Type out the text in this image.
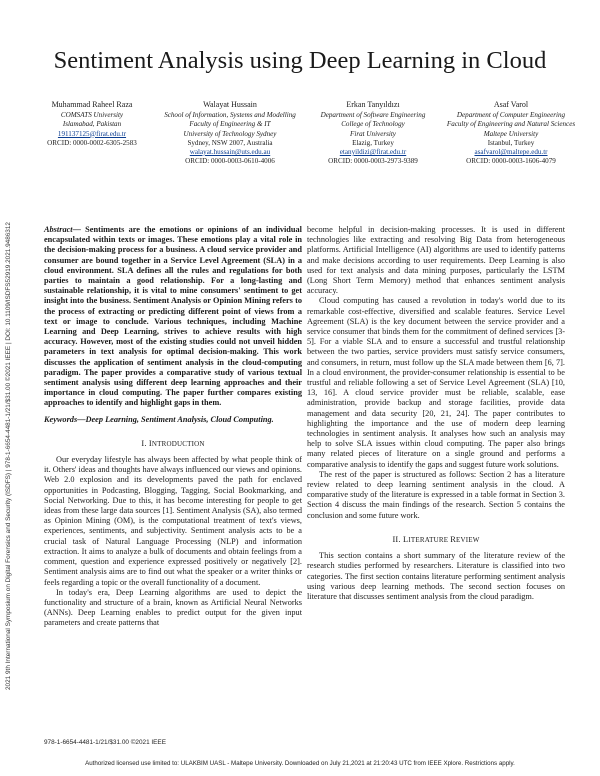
2021 9th International Symposium on Digital Forensics and Security (ISDFS) | 978-1-6654-4481-1/21/$31.00 ©2021 IEEE | DOI: 10.1109/ISDFS52919.2021.9486312
Sentiment Analysis using Deep Learning in Cloud
Muhammad Raheel Raza
COMSATS University
Islamabad, Pakistan
191137125@firat.edu.tr
ORCID: 0000-0002-6305-2583
Walayat Hussain
School of Information, Systems and Modelling
Faculty of Engineering & IT
University of Technology Sydney
Sydney, NSW 2007, Australia
walayat.hussain@uts.edu.au
ORCID: 0000-0003-0610-4006
Erkan Tanyıldızı
Department of Software Engineering
College of Technology
Firat University
Elazig, Turkey
etanyildizi@firat.edu.tr
ORCID: 0000-0003-2973-9389
Asaf Varol
Department of Computer Engineering
Faculty of Engineering and Natural Sciences
Maltepe University
Istanbul, Turkey
asafvarol@maltepe.edu.tr
ORCID: 0000-0003-1606-4079

Abstract— Sentiments are the emotions or opinions of an individual encapsulated within texts or images. These emotions play a vital role in the decision-making process for a business. A cloud service provider and consumer are bound together in a Service Level Agreement (SLA) in a cloud environment. SLA defines all the rules and regulations for both parties to maintain a good relationship. For a long-lasting and sustainable relationship, it is vital to mine consumers' sentiment to get insight into the business. Sentiment Analysis or Opinion Mining refers to the process of extracting or predicting different point of views from a text or image to conclude. Various techniques, including Machine Learning and Deep Learning, strives to achieve results with high accuracy. However, most of the existing studies could not unveil hidden parameters in text analysis for optimal decision-making. This work discusses the application of sentiment analysis in the cloud-computing paradigm. The paper provides a comparative study of various textual sentiment analysis using different deep learning approaches and their importance in cloud computing. The paper further compares existing approaches to identify and highlight gaps in them.

Keywords—Deep Learning, Sentiment Analysis, Cloud Computing.

I. INTRODUCTION

Our everyday lifestyle has always been affected by what people think of it. Others' ideas and thoughts have always influenced our views and opinions. Web 2.0 explosion and its developments paved the path for enclaved opportunities in Podcasting, Blogging, Tagging, Social Bookmarking, and Social Networking. Due to this, it has become interesting for people to get ideas from these large data sources [1]. Sentiment Analysis (SA), also termed as Opinion Mining (OM), is the computational treatment of text's views, experiences, sentiments, and subjectivity. Sentiment analysis acts to be a crucial task of Natural Language Processing (NLP) and information extraction. It aims to analyze a bulk of documents and obtain feelings from a comment, question and experience expressed positively or negatively [2]. Sentiment analysis aims are to find out what the speaker or a writer thinks or feels regarding a topic or the overall functionality of a document.

In today's era, Deep Learning algorithms are used to depict the functionality and structure of a brain, known as Artificial Neural Networks (ANNs). Deep Learning enables to predict output for the given input parameters and create patterns that

become helpful in decision-making processes. It is used in different technologies like extracting and resolving Big Data from heterogeneous platforms. Artificial Intelligence (AI) algorithms are used to identify patterns and make decisions according to user requirements. Deep Learning is also used for text analysis and data mining purposes, particularly the LSTM (Long Short Term Memory) method that enhances sentiment analysis accuracy.

Cloud computing has caused a revolution in today's world due to its remarkable cost-effective, diversified and scalable features. Service Level Agreement (SLA) is the key document between the service provider and a service consumer that binds them for the commitment of defined services [3-5]. For a viable SLA and to ensure a successful and trustful relationship between the two parties, service providers must satisfy service consumers, and consumers, in return, must follow up the SLA made between them [6, 7]. In a cloud environment, the provider-consumer relationship is essential to be trustful and reliable following a set of Service Level Agreement (SLA) [10, 13, 16]. A cloud service provider must be reliable, scalable, ease administration, provide backup and storage facilities, provide data management and data security [20, 21, 24]. The paper contributes to highlighting the importance and the use of modern deep learning technologies in sentiment analysis. It analyses how such an analysis may help to solve SLA issues within cloud computing. The paper also brings many related pieces of literature on a single ground and performs a comparative analysis to identify the gaps and suggest future work solutions.

The rest of the paper is structured as follows: Section 2 has a literature review related to deep learning sentiment analysis in the cloud. A comparative study of the literature is expressed in a table format in Section 3. Section 4 discuss the main findings of the research. Section 5 contains the conclusion and some future work.

II. LITERATURE REVIEW

This section contains a short summary of the literature review of the research studies performed by researchers. Literature is classified into two categories. The first section contains literature performing sentiment analysis using various deep learning methods. The second section focuses on literature that discusses sentiment analysis from the cloud paradigm.

978-1-6654-4481-1/21/$31.00 ©2021 IEEE
Authorized licensed use limited to: ULAKBIM UASL - Maltepe University. Downloaded on July 21,2021 at 21:20:43 UTC from IEEE Xplore. Restrictions apply.
